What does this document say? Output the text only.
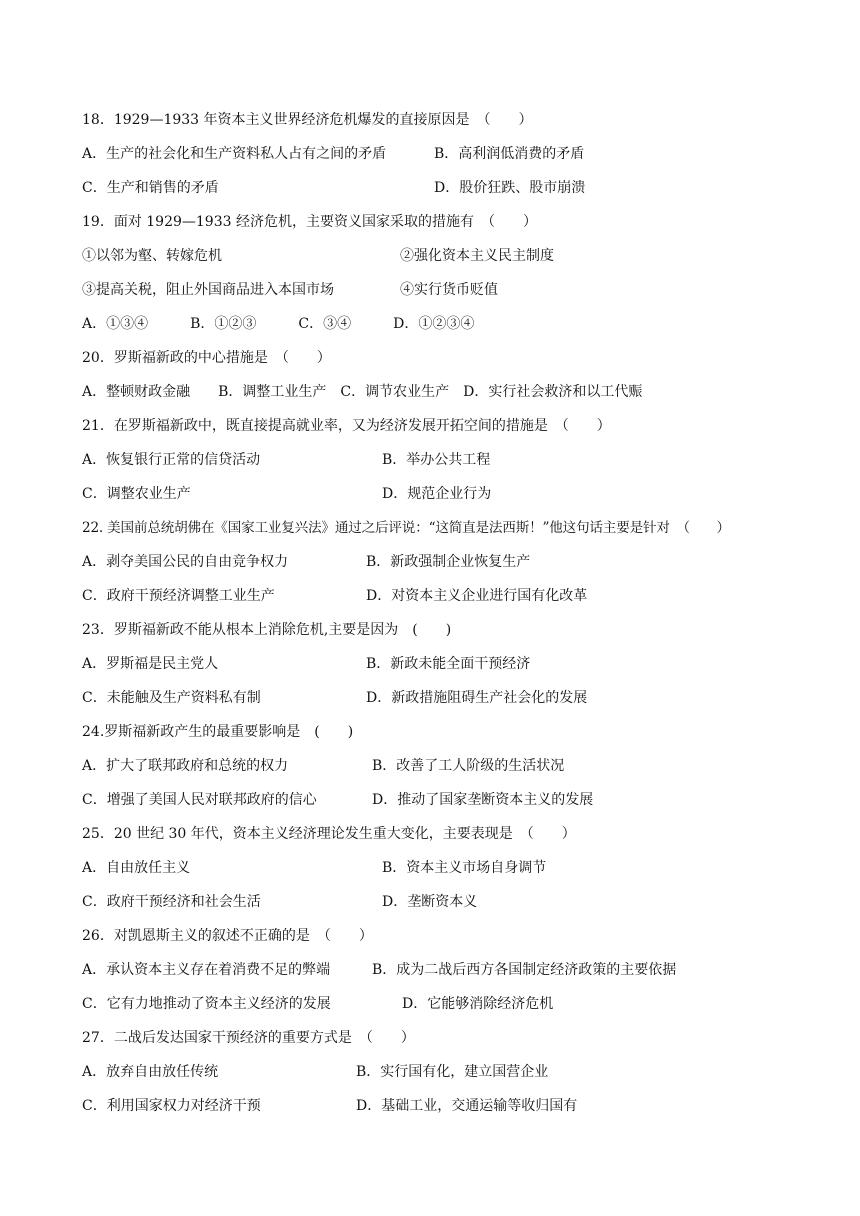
18．1929—1933 年资本主义世界经济危机爆发的直接原因是　（　　）
A．生产的社会化和生产资料私人占有之间的矛盾	B．高利润低消费的矛盾
C．生产和销售的矛盾	D．股价狂跌、股市崩溃
19．面对 1929—1933 经济危机，主要资义国家采取的措施有　（　　）
①以邻为壑、转嫁危机	②强化资本主义民主制度
③提高关税，阻止外国商品进入本国市场	④实行货币贬值
A．①③④　　　B．①②③　　　C．③④　　　D．①②③④
20．罗斯福新政的中心措施是　（　　）
A．整顿财政金融　　B．调整工业生产　C．调节农业生产　D．实行社会救济和以工代赈
21．在罗斯福新政中，既直接提高就业率，又为经济发展开拓空间的措施是　（　　）
A．恢复银行正常的信贷活动	B．举办公共工程
C．调整农业生产	D．规范企业行为
22. 美国前总统胡佛在《国家工业复兴法》通过之后评说：“这简直是法西斯！”他这句话主要是针对　（　　）
A．剥夺美国公民的自由竞争权力	B．新政强制企业恢复生产
C．政府干预经济调整工业生产	D．对资本主义企业进行国有化改革
23．罗斯福新政不能从根本上消除危机,主要是因为　(　　)
A．罗斯福是民主党人	B．新政未能全面干预经济
C．未能触及生产资料私有制	D．新政措施阻碍生产社会化的发展
24.罗斯福新政产生的最重要影响是　(　　)
A．扩大了联邦政府和总统的权力	B．改善了工人阶级的生活状况
C．增强了美国人民对联邦政府的信心	D．推动了国家垄断资本主义的发展
25．20 世纪 30 年代，资本主义经济理论发生重大变化，主要表现是　（　　）
A．自由放任主义	B．资本主义市场自身调节
C．政府干预经济和社会生活	D．垄断资本义
26．对凯恩斯主义的叙述不正确的是　（　　）
A．承认资本主义存在着消费不足的弊端	B．成为二战后西方各国制定经济政策的主要依据
C．它有力地推动了资本主义经济的发展	D．它能够消除经济危机
27．二战后发达国家干预经济的重要方式是　（　　）
A．放弃自由放任传统	B．实行国有化，建立国营企业
C．利用国家权力对经济干预	D．基础工业，交通运输等收归国有
